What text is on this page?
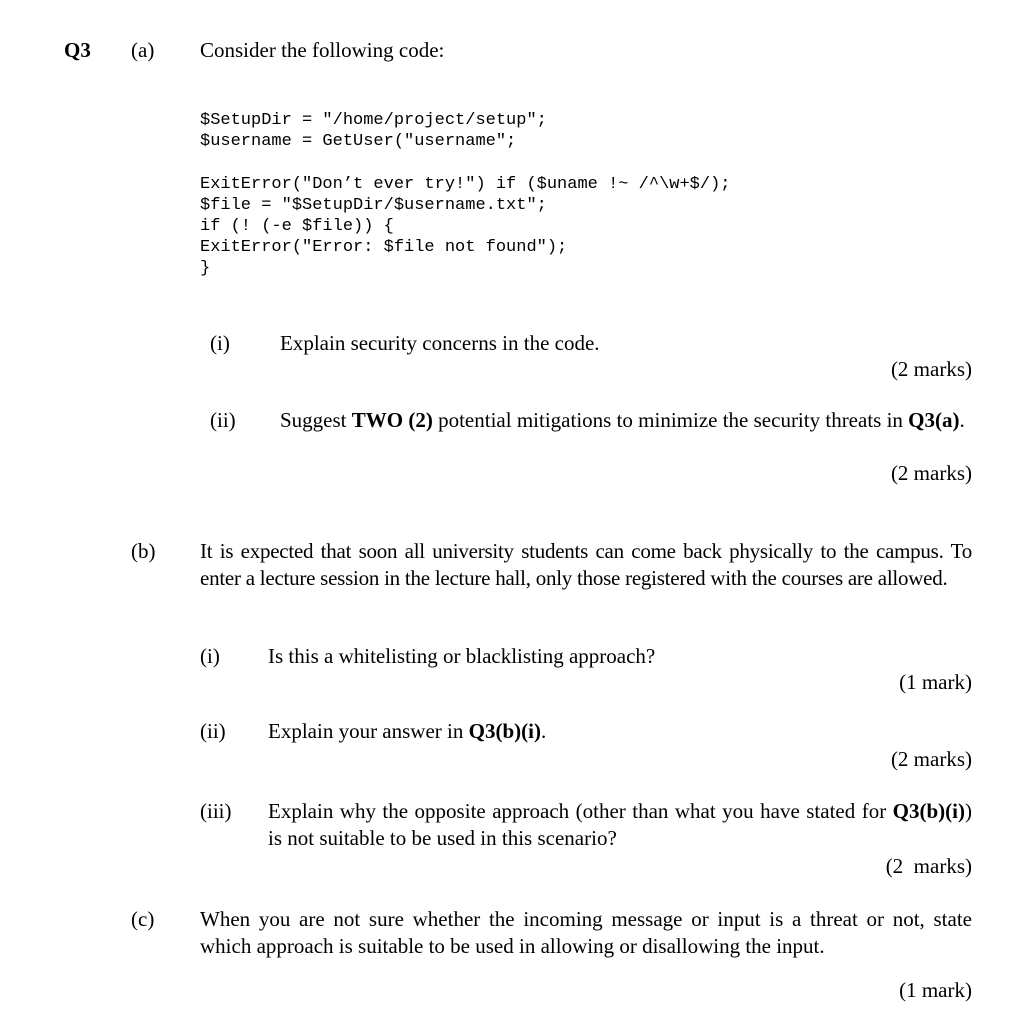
Q3 (a) Consider the following code:
$SetupDir = "/home/project/setup";
$username = GetUser("username";
ExitError("Don’t ever try!") if ($uname !~ /^\w+$/);
$file = "$SetupDir/$username.txt";
if (! (-e $file)) {
ExitError("Error: $file not found");
}
(i) Explain security concerns in the code.
(2 marks)
(ii) Suggest TWO (2) potential mitigations to minimize the security threats in Q3(a).
(2 marks)
(b) It is expected that soon all university students can come back physically to the campus. To enter a lecture session in the lecture hall, only those registered with the courses are allowed.
(i) Is this a whitelisting or blacklisting approach?
(1 mark)
(ii) Explain your answer in Q3(b)(i).
(2 marks)
(iii) Explain why the opposite approach (other than what you have stated for Q3(b)(i)) is not suitable to be used in this scenario?
(2  marks)
(c) When you are not sure whether the incoming message or input is a threat or not, state which approach is suitable to be used in allowing or disallowing the input.
(1 mark)
